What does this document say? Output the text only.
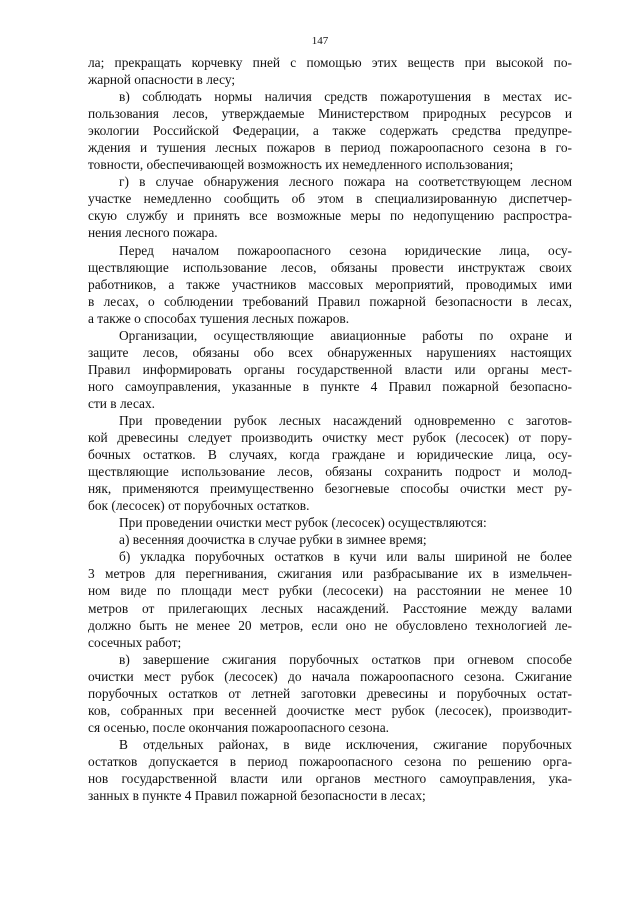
147
ла; прекращать корчевку пней с помощью этих веществ при высокой по-
жарной опасности в лесу;
в) соблюдать нормы наличия средств пожаротушения в местах ис-
пользования лесов, утверждаемые Министерством природных ресурсов и
экологии Российской Федерации, а также содержать средства предупре-
ждения и тушения лесных пожаров в период пожароопасного сезона в го-
товности, обеспечивающей возможность их немедленного использования;
г) в случае обнаружения лесного пожара на соответствующем лесном
участке немедленно сообщить об этом в специализированную диспетчер-
скую службу и принять все возможные меры по недопущению распростра-
нения лесного пожара.
Перед началом пожароопасного сезона юридические лица, осу-
ществляющие использование лесов, обязаны провести инструктаж своих
работников, а также участников массовых мероприятий, проводимых ими
в лесах, о соблюдении требований Правил пожарной безопасности в лесах,
а также о способах тушения лесных пожаров.
Организации, осуществляющие авиационные работы по охране и
защите лесов, обязаны обо всех обнаруженных нарушениях настоящих
Правил информировать органы государственной власти или органы мест-
ного самоуправления, указанные в пункте 4 Правил пожарной безопасно-
сти в лесах.
При проведении рубок лесных насаждений одновременно с заготов-
кой древесины следует производить очистку мест рубок (лесосек) от пору-
бочных остатков. В случаях, когда граждане и юридические лица, осу-
ществляющие использование лесов, обязаны сохранить подрост и молод-
няк, применяются преимущественно безогневые способы очистки мест ру-
бок (лесосек) от порубочных остатков.
При проведении очистки мест рубок (лесосек) осуществляются:
а) весенняя доочистка в случае рубки в зимнее время;
б) укладка порубочных остатков в кучи или валы шириной не более
3 метров для перегнивания, сжигания или разбрасывание их в измельчен-
ном виде по площади мест рубки (лесосеки) на расстоянии не менее 10
метров от прилегающих лесных насаждений. Расстояние между валами
должно быть не менее 20 метров, если оно не обусловлено технологией ле-
сосечных работ;
в) завершение сжигания порубочных остатков при огневом способе
очистки мест рубок (лесосек) до начала пожароопасного сезона. Сжигание
порубочных остатков от летней заготовки древесины и порубочных остат-
ков, собранных при весенней доочистке мест рубок (лесосек), производит-
ся осенью, после окончания пожароопасного сезона.
В отдельных районах, в виде исключения, сжигание порубочных
остатков допускается в период пожароопасного сезона по решению орга-
нов государственной власти или органов местного самоуправления, ука-
занных в пункте 4 Правил пожарной безопасности в лесах;
